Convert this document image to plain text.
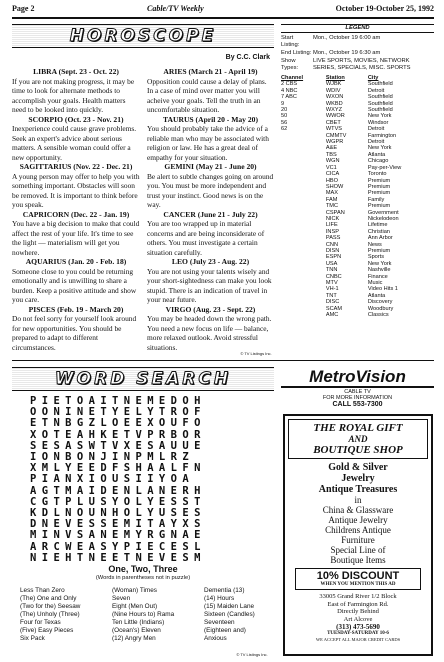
Page 2	Cable/TV Weekly	October 19-October 25, 1992
HOROSCOPE
By C.C. Clark
LIBRA (Sept. 23 - Oct. 22)

If you are not making progress, it may be time to look for alternate methods to accomplish your goals. Health matters need to be looked into quickly.

SCORPIO (Oct. 23 - Nov. 21)

Inexperience could cause grave problems. Seek an expert's advice about serious matters. A sensible woman could offer a new opportunity.

SAGITTARIUS (Nov. 22 - Dec. 21)

A young person may offer to help you with something important. Obstacles will soon be removed. It is important to think before you speak.

CAPRICORN (Dec. 22 - Jan. 19)

You have a big decision to make that could affect the rest of your life. It's time to see the light — materialism will get you nowhere.

AQUARIUS (Jan. 20 - Feb. 18)

Someone close to you could be returning emotionally and is unwilling to share a burden. Keep a positive attitude and show you care.

PISCES (Feb. 19 - March 20)

Do not feel sorry for yourself look around for new opportunities. You should be prepared to adapt to different circumstances.

ARIES (March 21 - April 19)

Opposition could cause a delay of plans. In a case of mind over matter you will acheive your goals. Tell the truth in an uncomfortable situation.

TAURUS (April 20 - May 20)

You should probably take the advice of a reliable man who may be associated with religion or law. He has a great deal of empathy for your situation.

GEMINI (May 21 - June 20)

Be alert to subtle changes going on around you. You must be more independent and trust your instinct. Good news is on the way.

CANCER (June 21 - July 22)

You are too wrapped up in material concerns and are being inconsiderate of others. You must investigate a certain situation carefully.

LEO (July 23 - Aug. 22)

You are not using your talents wisely and your short-sightedness can make you look stupid. There is an indication of travel in your near future.

VIRGO (Aug. 23 - Sept. 22)

You may be headed down the wrong path. You need a new focus on life — balance, more relaxed outlook. Avoid stressful situations.

© TV Listings Inc.
LEGEND
Start Listing:
Mon., October 19 6:00 am
End Listing: Mon., October 19 6:30 am
Show Types:
LIVE SPORTS, MOVIES, NETWORK SERIES, SPECIALS, MISC. SPORTS
Channel	Station	City
2 CBS	WJBK	Southfield
4 NBC	WDIV	Detroit
7 ABC	WXON	Southfield
9	WKBD	Southfield
20	WXYZ	Southfield
50	WWOR	New York
56	CBET	Windsor
62	WTVS	Detroit
	CMMTV	Farmington
	WGPR	Detroit
	A&E	New York
	TBS	Atlanta
	WGN	Chicago
	VC1	Pay-per-View
	CICA	Toronto
	HBO	Premium
	SHOW	Premium
	MAX	Premium
	FAM	Family
	TMC	Premium
	CSPAN	Government
	NICK	Nickelodeon
	LIFE	Lifetime
	INSP	Christian
	PASS	Ann Arbor
	CNN	News
	DISN	Premium
	ESPN	Sports
	USA	New York
	TNN	Nashville
	CNBC	Finance
	MTV	Music
	VH-1	Video Hits 1
	TNT	Atlanta
	DISC	Discovery
	SCAM	Woodbury
	AMC	Classics
WORD SEARCH
PIETOAITNEMEDOH
OONINETYELYTROF
ETNBGZLOEEXOUFO
XOTEAHKETVPRBOR
SESASWTVXESAUUE
IONBONJINPMLRZ
XMLYEEDFSHAALFN
PIANXIOUSIIYOA
AGTMAIDENLANERH
CGTPLUSYOLYESST
KDLNOUNHOLYUSES
DNEVESSEMITAYXS
MINVSANEMYRGNAE
ARCWEASYPIECESL
NIEHTNEETNEVESM
One, Two, Three
(Words in parentheses not in puzzle)
Less Than Zero	(Woman) Times	Dementia (13)
(The) One and Only	Seven	(14) Hours
(Two for the) Seesaw	Eight (Men Out)	(15) Maiden Lane
(The) Unholy (Three)	(Nine Hours to) Rama	Sixteen (Candles)
Four for Texas	Ten Little (Indians)	Seventeen
(Five) Easy Pieces	(Ocean's) Eleven	(Eighteen and)
Six Pack	(12) Angry Men	Anxious
© TV Listings Inc.
MetroVision
CABLE TV
FOR MORE INFORMATION
CALL 553-7300
THE ROYAL GIFT
AND
BOUTIQUE SHOP
Gold & Silver
Jewelry
Antique Treasures
in
China & Glassware
Antique Jewelry
Childrens Antique
Furniture
Special Line of
Boutique Items
10% DISCOUNT
WHEN YOU MENTION THIS AD
33005 Grand River 1/2 Block
East of Farmington Rd.
Directly Behind
Art Alcove
(313) 473-5690
TUESDAY-SATURDAY 10-6
WE ACCEPT ALL MAJOR CREDIT CARDS
